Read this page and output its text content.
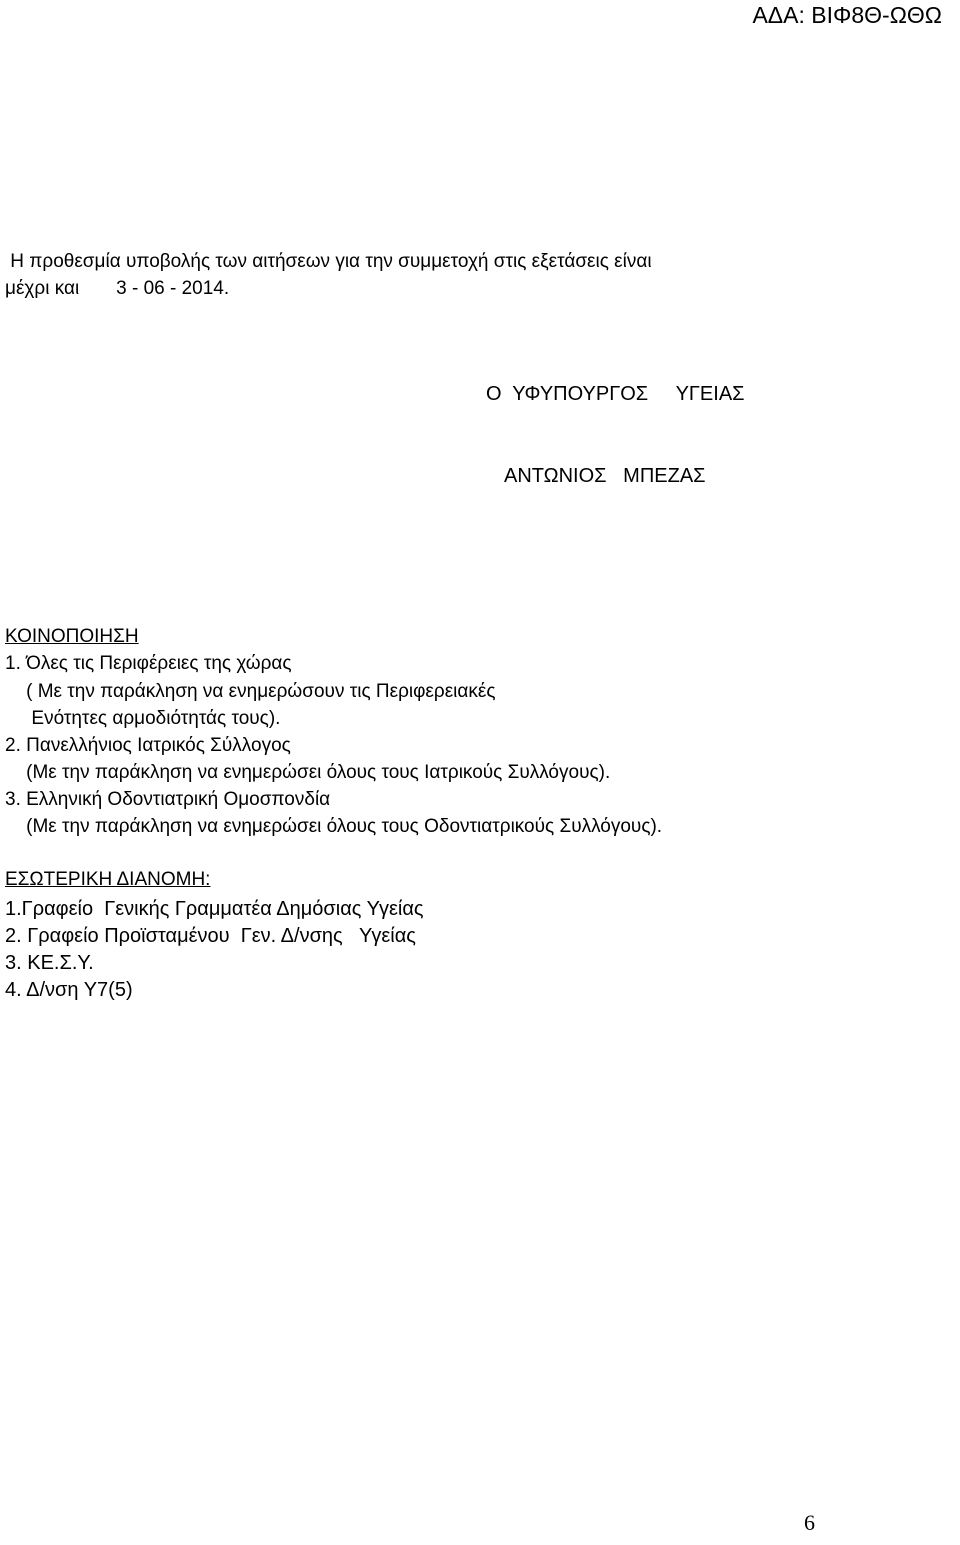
ΑΔΑ: ΒΙΦ8Θ-ΩΘΩ
Η προθεσμία υποβολής των αιτήσεων για την συμμετοχή στις εξετάσεις είναι
μέχρι και       3 - 06 - 2014.
Ο  ΥΦΥΠΟΥΡΓΟΣ     ΥΓΕΙΑΣ
ΑΝΤΩΝΙΟΣ   ΜΠΕΖΑΣ
ΚΟΙΝΟΠΟΙΗΣΗ
1. Όλες τις Περιφέρειες της χώρας
( Με την παράκληση να ενημερώσουν τις Περιφερειακές
Ενότητες αρμοδιότητάς τους).
2. Πανελλήνιος Ιατρικός Σύλλογος
(Με την παράκληση να ενημερώσει όλους τους Ιατρικούς Συλλόγους).
3. Ελληνική Οδοντιατρική Ομοσπονδία
(Με την παράκληση να ενημερώσει όλους τους Οδοντιατρικούς Συλλόγους).
ΕΣΩΤΕΡΙΚΗ ΔΙΑΝΟΜΗ:
1.Γραφείο  Γενικής Γραμματέα Δημόσιας Υγείας
2. Γραφείο Προϊσταμένου  Γεν. Δ/νσης   Υγείας
3. ΚΕ.Σ.Υ.
4. Δ/νση Υ7(5)
6
